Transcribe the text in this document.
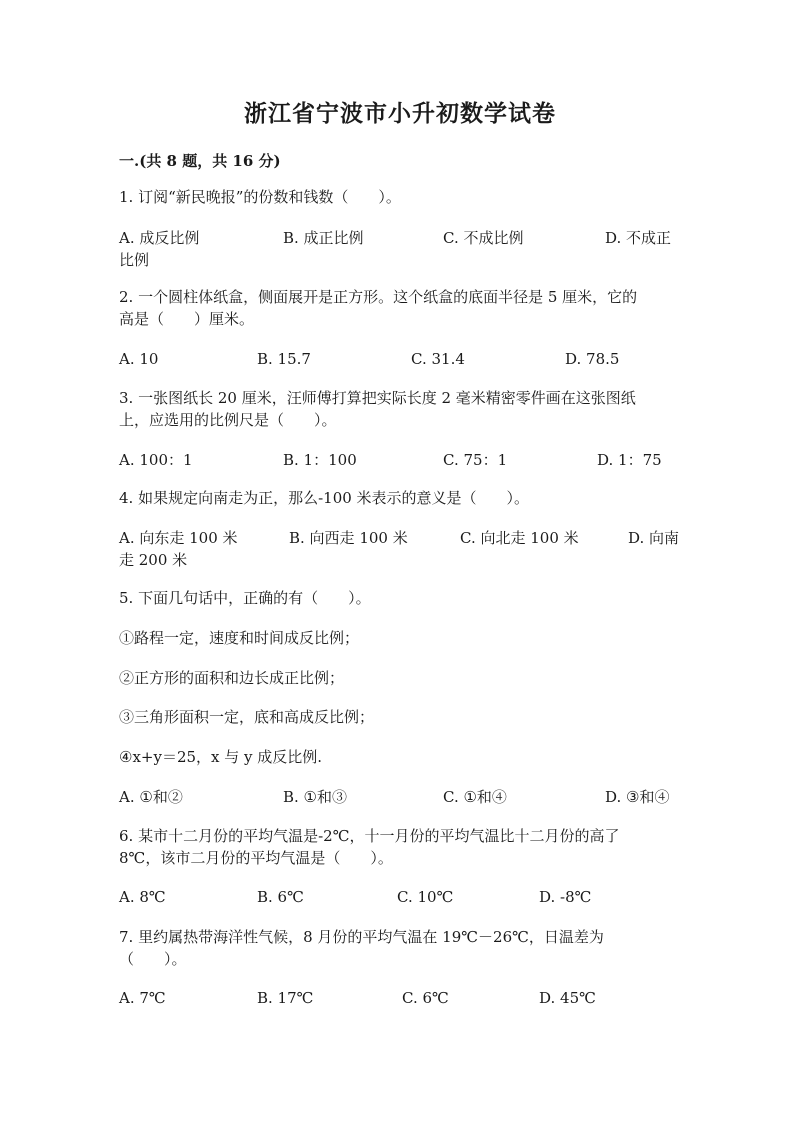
浙江省宁波市小升初数学试卷
一.(共 8 题，共 16 分)
1. 订阅“新民晚报”的份数和钱数（　　）。
A. 成反比例	B. 成正比例	C. 不成比例	D. 不成正
比例
2. 一个圆柱体纸盒，侧面展开是正方形。这个纸盒的底面半径是 5 厘米，它的
高是（　　）厘米。
A. 10	B. 15.7	C. 31.4	D. 78.5
3. 一张图纸长 20 厘米，汪师傅打算把实际长度 2 毫米精密零件画在这张图纸
上，应选用的比例尺是（　　）。
A. 100：1	B. 1：100	C. 75：1	D. 1：75
4. 如果规定向南走为正，那么-100 米表示的意义是（　　）。
A. 向东走 100 米	B. 向西走 100 米	C. 向北走 100 米	D. 向南
走 200 米
5. 下面几句话中，正确的有（　　）。
①路程一定，速度和时间成反比例；
②正方形的面积和边长成正比例；
③三角形面积一定，底和高成反比例；
④x+y＝25，x 与 y 成反比例.
A. ①和②	B. ①和③	C. ①和④	D. ③和④
6. 某市十二月份的平均气温是-2℃，十一月份的平均气温比十二月份的高了
8℃，该市二月份的平均气温是（　　）。
A. 8℃	B. 6℃	C. 10℃	D. -8℃
7. 里约属热带海洋性气候，8 月份的平均气温在 19℃－26℃，日温差为
（　　）。
A. 7℃	B. 17℃	C. 6℃	D. 45℃
